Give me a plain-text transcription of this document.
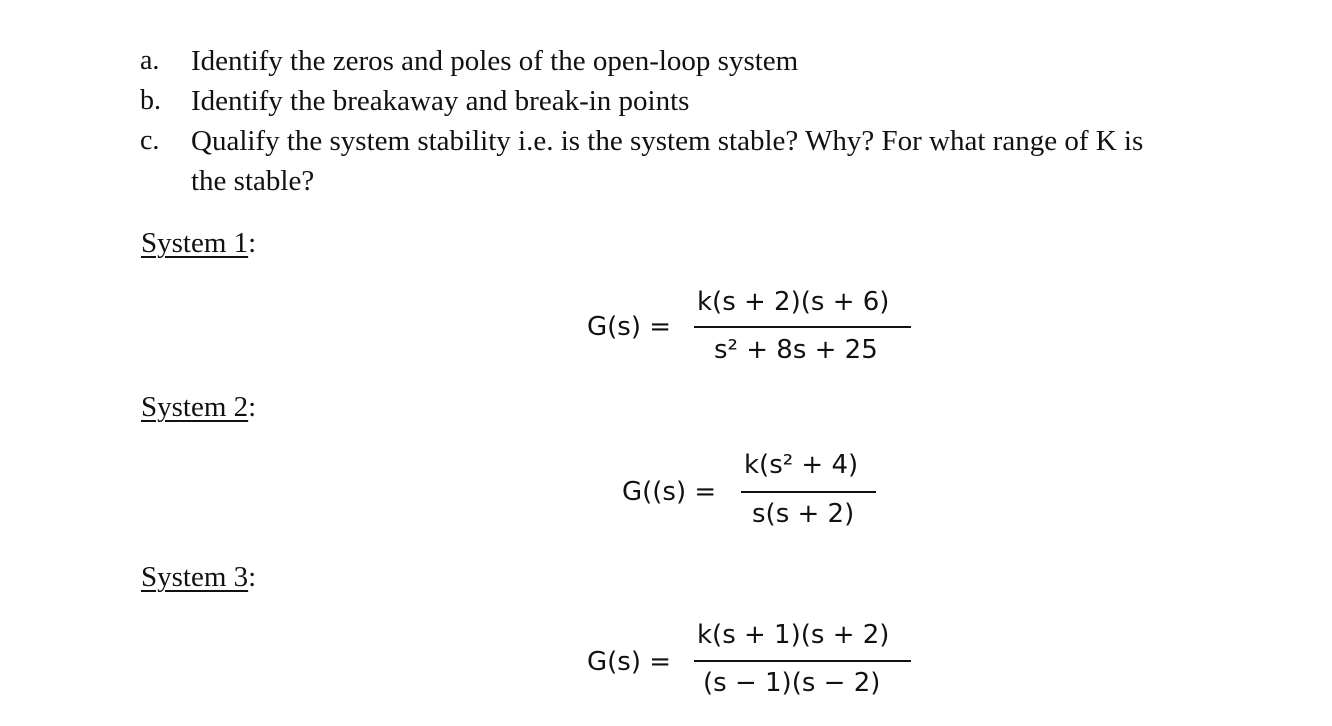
a. Identify the zeros and poles of the open-loop system
b. Identify the breakaway and break-in points
c. Qualify the system stability i.e. is the system stable? Why? For what range of K is
the stable?
System 1:
G(s) =
k(s + 2)(s + 6)
s² + 8s + 25
System 2:
G((s) =
k(s² + 4)
s(s + 2)
System 3:
G(s) =
k(s + 1)(s + 2)
(s − 1)(s − 2)
